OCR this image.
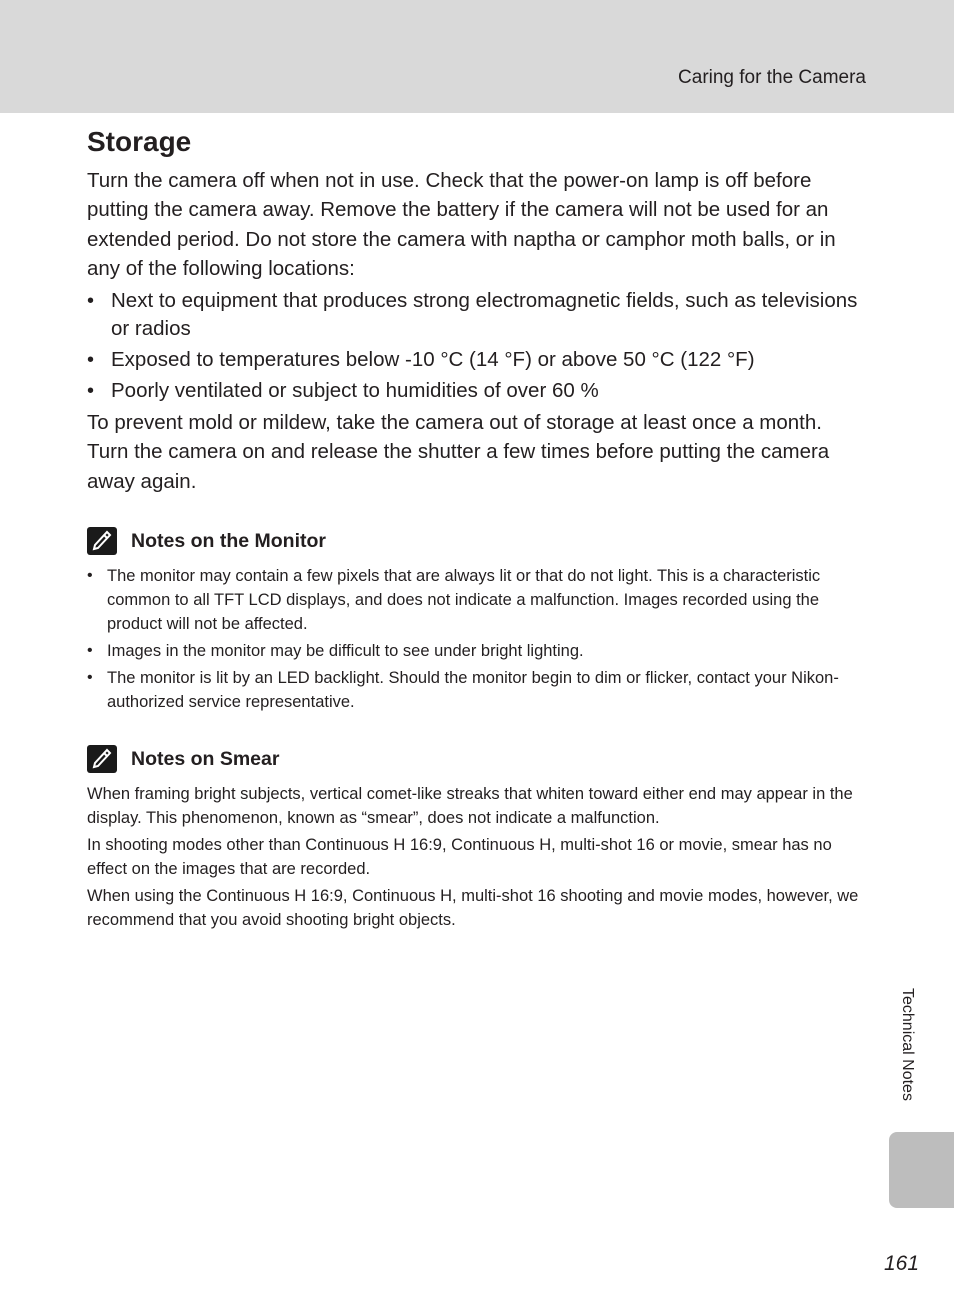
Caring for the Camera
Storage

Turn the camera off when not in use. Check that the power-on lamp is off before putting the camera away. Remove the battery if the camera will not be used for an extended period. Do not store the camera with naptha or camphor moth balls, or in any of the following locations:

• Next to equipment that produces strong electromagnetic fields, such as televisions or radios
• Exposed to temperatures below -10 °C (14 °F) or above 50 °C (122 °F)
• Poorly ventilated or subject to humidities of over 60 %

To prevent mold or mildew, take the camera out of storage at least once a month. Turn the camera on and release the shutter a few times before putting the camera away again.

Notes on the Monitor
• The monitor may contain a few pixels that are always lit or that do not light. This is a characteristic common to all TFT LCD displays, and does not indicate a malfunction. Images recorded using the product will not be affected.
• Images in the monitor may be difficult to see under bright lighting.
• The monitor is lit by an LED backlight. Should the monitor begin to dim or flicker, contact your Nikon-authorized service representative.
Notes on Smear

When framing bright subjects, vertical comet-like streaks that whiten toward either end may appear in the display. This phenomenon, known as “smear”, does not indicate a malfunction.

In shooting modes other than Continuous H 16:9, Continuous H, multi-shot 16 or movie, smear has no effect on the images that are recorded.

When using the Continuous H 16:9, Continuous H, multi-shot 16 shooting and movie modes, however, we recommend that you avoid shooting bright objects.

Technical Notes
161
